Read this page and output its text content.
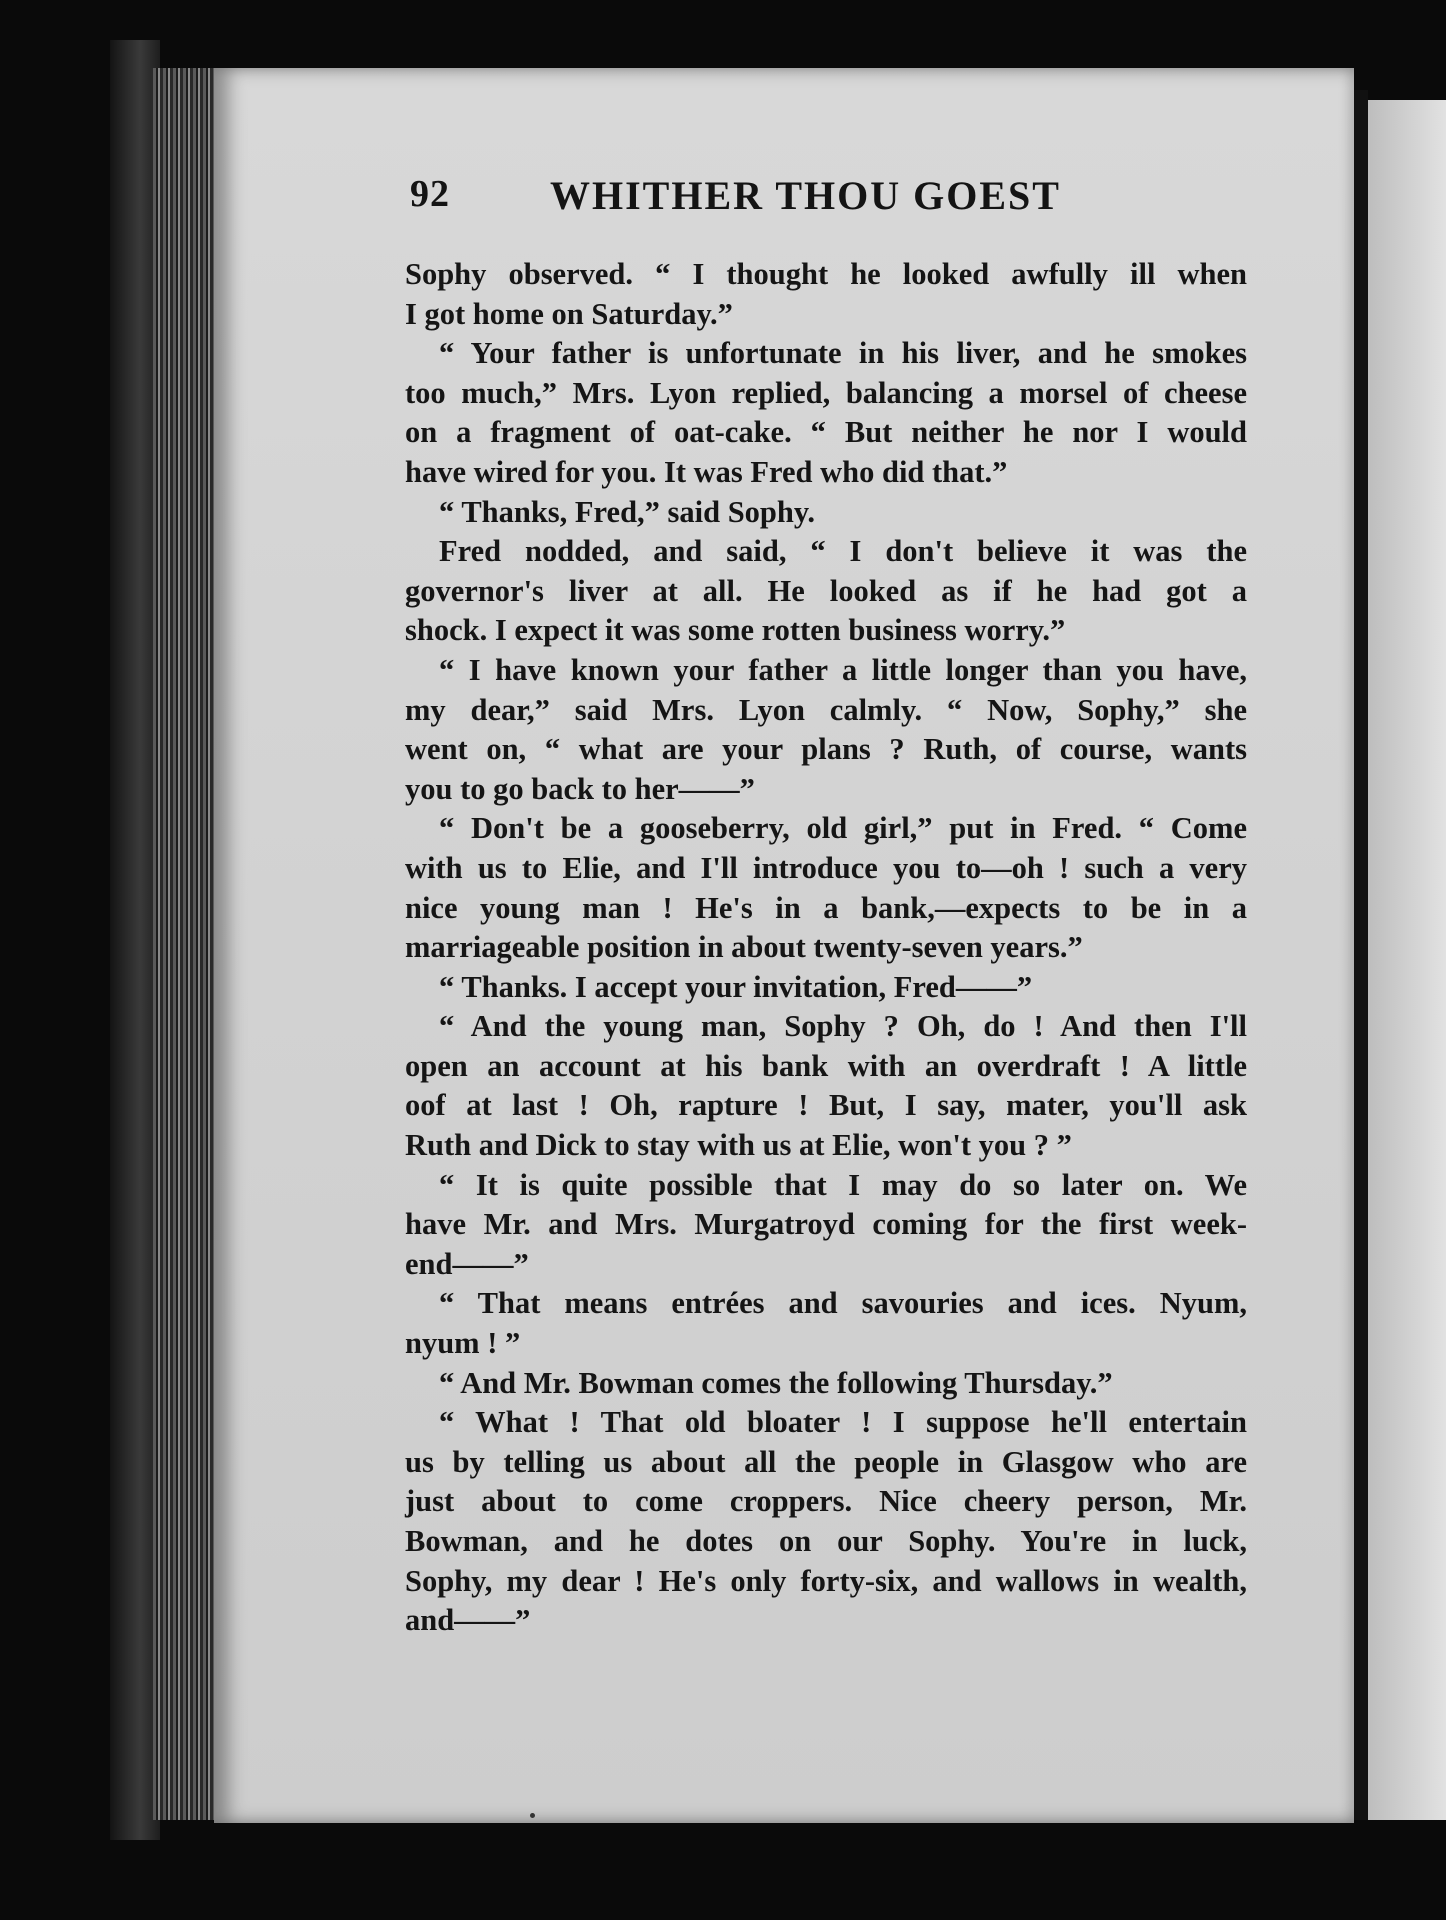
92	WHITHER THOU GOEST
Sophy observed. “ I thought he looked awfully ill when
I got home on Saturday.”
“ Your father is unfortunate in his liver, and he smokes
too much,” Mrs. Lyon replied, balancing a morsel of cheese
on a fragment of oat-cake. “ But neither he nor I would
have wired for you. It was Fred who did that.”
“ Thanks, Fred,” said Sophy.
Fred nodded, and said, “ I don't believe it was the
governor's liver at all. He looked as if he had got a
shock. I expect it was some rotten business worry.”
“ I have known your father a little longer than you have,
my dear,” said Mrs. Lyon calmly. “ Now, Sophy,” she
went on, “ what are your plans ? Ruth, of course, wants
you to go back to her——”
“ Don't be a gooseberry, old girl,” put in Fred. “ Come
with us to Elie, and I'll introduce you to—oh ! such a very
nice young man ! He's in a bank,—expects to be in a
marriageable position in about twenty-seven years.”
“ Thanks. I accept your invitation, Fred——”
“ And the young man, Sophy ? Oh, do ! And then I'll
open an account at his bank with an overdraft ! A little
oof at last ! Oh, rapture ! But, I say, mater, you'll ask
Ruth and Dick to stay with us at Elie, won't you ? ”
“ It is quite possible that I may do so later on. We
have Mr. and Mrs. Murgatroyd coming for the first week-
end——”
“ That means entrées and savouries and ices. Nyum,
nyum ! ”
“ And Mr. Bowman comes the following Thursday.”
“ What ! That old bloater ! I suppose he'll entertain
us by telling us about all the people in Glasgow who are
just about to come croppers. Nice cheery person, Mr.
Bowman, and he dotes on our Sophy. You're in luck,
Sophy, my dear ! He's only forty-six, and wallows in wealth,
and——”
